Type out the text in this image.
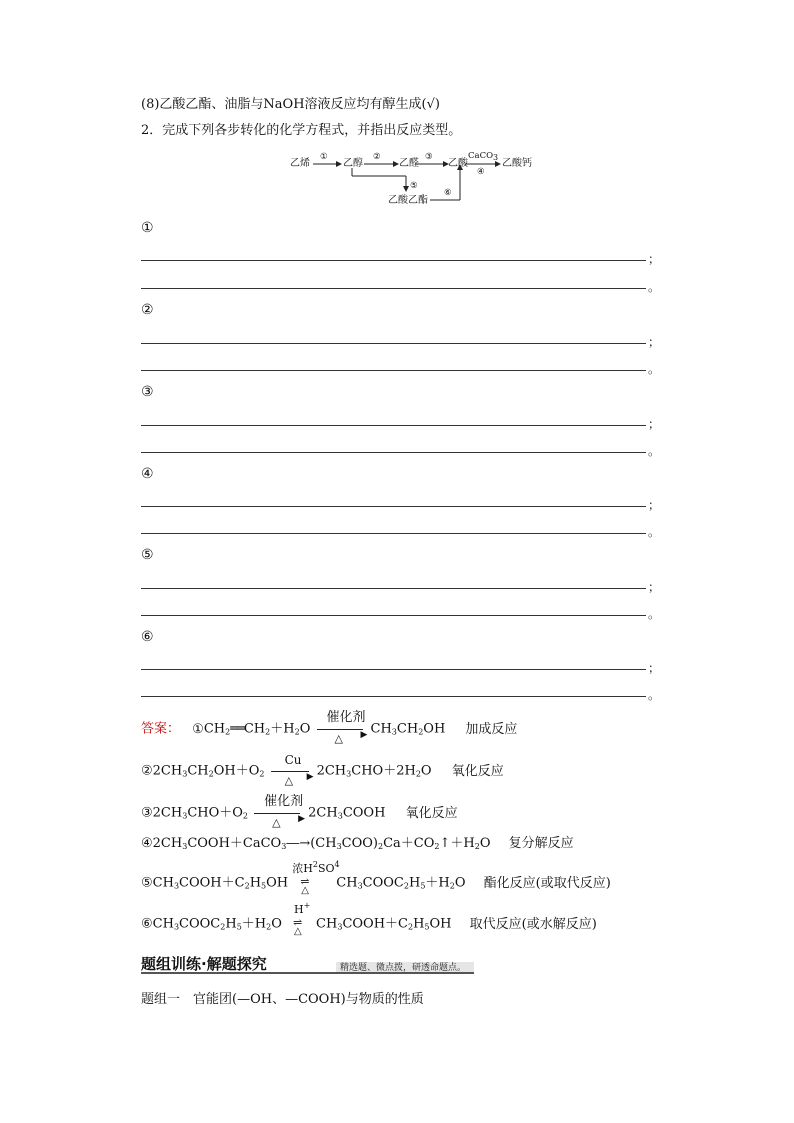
(8)乙酸乙酯、油脂与NaOH溶液反应均有醇生成(√)
2．完成下列各步转化的化学方程式，并指出反应类型。
乙烯	乙醇	乙醛	乙酸	乙酸钙
乙酸乙酯
①	②	③	CaCO$_3$
④
⑤
⑥
①
；
。
②
；
。
③
；
。
④
；
。
⑤
；
。
⑥
；
。
答案： $①CH_2══CH_2+H_2O$
催化剂
▶
△
$CH_3CH_2OH$ 加成反应
$②2CH_3CH_2OH+O_2$
Cu
▶
△
$2CH_3CHO+2H_2O$ 氧化反应
$③2CH_3CHO+O_2$
催化剂
▶
△
$2CH_3COOH$ 氧化反应
$④2CH_3COOH+CaCO_3―\to(CH_3COO)_2Ca+CO_2↑+H_2O$ 复分解反应
$⑤CH_3COOH+C_2H_5OH$
浓$H^2SO^4$
⇌
△ $CH_3COOC_2H_5+H_2O$ 酯化反应(或取代反应)
$⑥CH_3COOC_2H_5+H_2O$
H+
⇌
△ $CH_3COOH+C_2H_5OH$ 取代反应(或水解反应)
题组训练·解题探究	精选题、微点拨，研透命题点。
题组一　官能团(—OH、—COOH)与物质的性质
